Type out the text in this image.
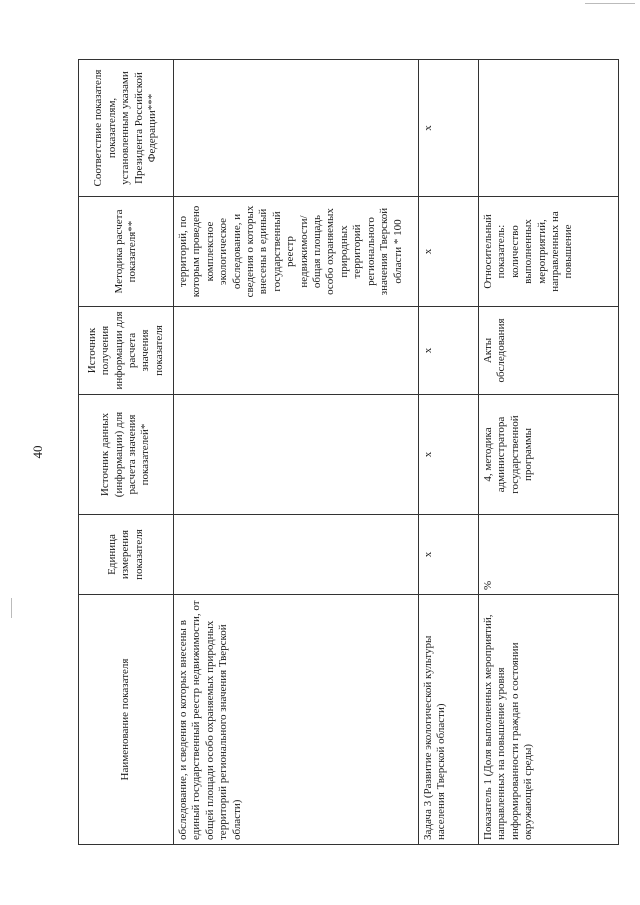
40
Наименование показателя	Единица измерения показателя	Источник данных (информации) для расчета значения показателей*	Источник получения информации для расчета значения показателя	Методика расчета показателя**	Соответствие показателя показателям, установленным указами Президента Российской Федерации***
обследование, и сведения о которых внесены в единый государственный реестр недвижимости, от общей площади особо охраняемых природных территорий регионального значения Тверской области)				территорий, по которым проведено комплексное экологическое обследование, и сведения о которых внесены в единый государственный реестр недвижимости/ общая площадь особо охраняемых природных территорий регионального значения Тверской области * 100	
Задача 3 (Развитие экологической культуры населения Тверской области)	х	х	х	х	х
Показатель 1 (Доля выполненных мероприятий, направленных на повышение уровня информированности граждан о состоянии окружающей среды)	%	4, методика администратора государственной программы	Акты обследования	Относительный показатель: количество выполненных мероприятий, направленных на повышение	
